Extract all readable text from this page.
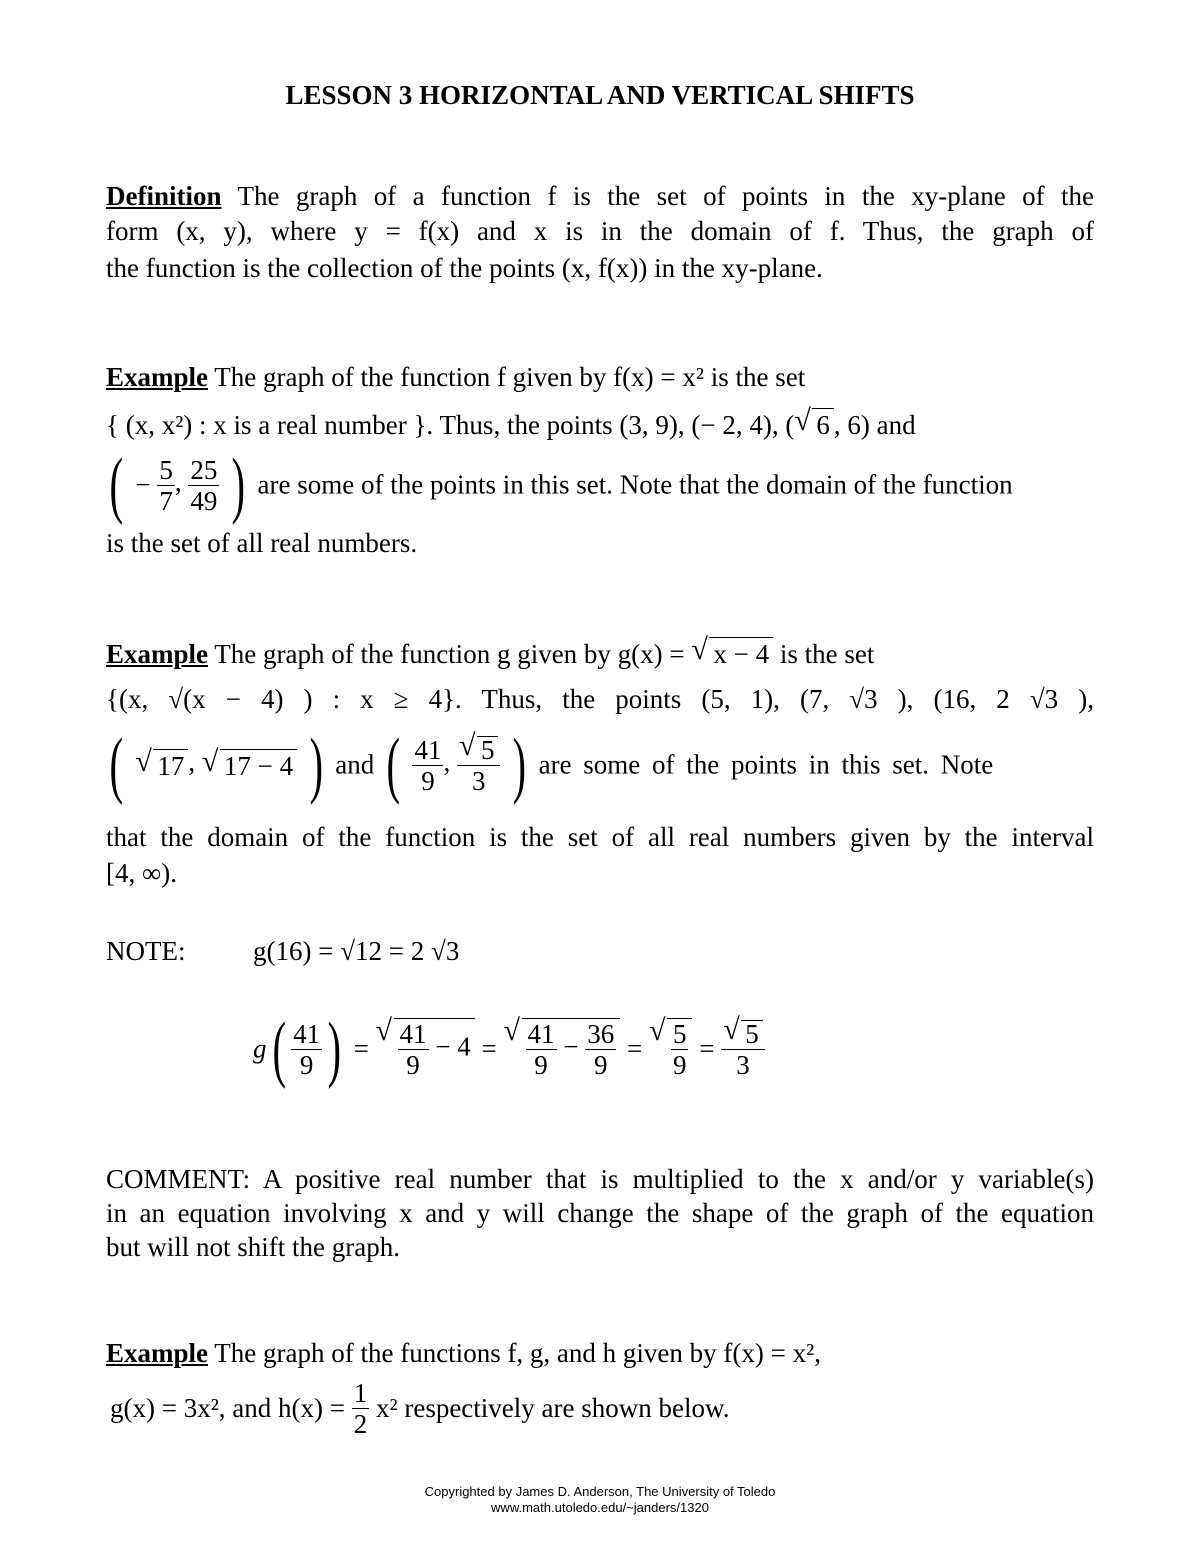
LESSON 3 HORIZONTAL AND VERTICAL SHIFTS
Definition The graph of a function f is the set of points in the xy-plane of the
form (x, y), where y = f(x) and x is in the domain of f. Thus, the graph of
the function is the collection of the points (x, f(x)) in the xy-plane.
Example The graph of the function f given by f(x) = x² is the set
{ (x, x²) : x is a real number }. Thus, the points (3, 9), (− 2, 4), ( √ 6 , 6) and
( − $\frac{5}{7}$ , $\frac{25}{49}$ ) are some of the points in this set. Note that the domain of the function
is the set of all real numbers.
Example The graph of the function g given by g(x) = √ x − 4 is the set
{(x, √(x − 4) ) : x ≥ 4}. Thus, the points (5, 1), (7, √3 ), (16, 2 √3 ),
( √ 17 , √ 17 − 4 ) and ( $\frac{41}{9}$ , √ $\frac{5}{3}$ ) are some of the points in this set. Note
that the domain of the function is the set of all real numbers given by the interval
[4, ∞).
NOTE:	g(16) = √12 = 2 √3
$g( \frac{41}{9}$ ) = √ $\frac{41}{9} - 4$ = √ $\frac{41}{9} - \frac{36}{9}$ = √ $\frac{5}{9}$ = √ $\frac{5}{3}$
COMMENT: A positive real number that is multiplied to the x and/or y variable(s)
in an equation involving x and y will change the shape of the graph of the equation
but will not shift the graph.
Example The graph of the functions f, g, and h given by f(x) = x²,
g(x) = 3x², and $h(x) = \frac{1}{2} x^2$ respectively are shown below.
Copyrighted by James D. Anderson, The University of Toledo
www.math.utoledo.edu/~janders/1320
